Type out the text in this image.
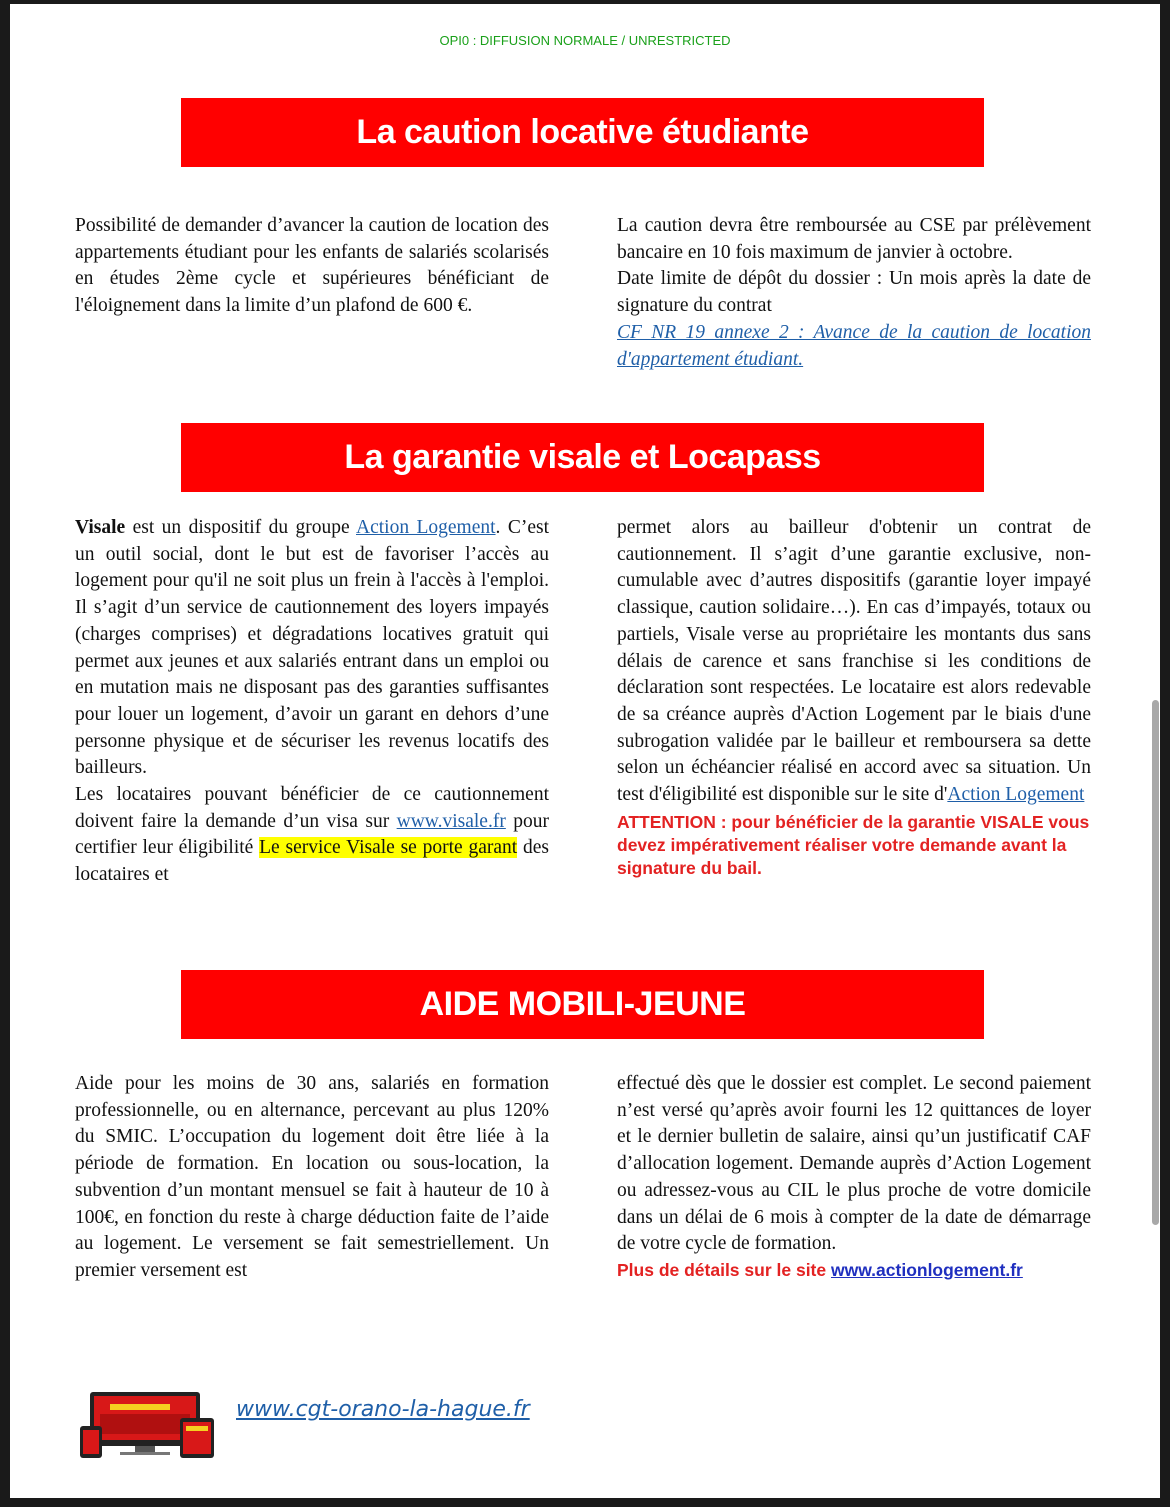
OPI0 : DIFFUSION NORMALE / UNRESTRICTED
La caution locative étudiante

Possibilité de demander d’avancer la caution de location des appartements étudiant pour les enfants de salariés scolarisés en études 2ème cycle et supérieures bénéficiant de l'éloignement dans la limite d’un plafond de 600 €.

La caution devra être remboursée au CSE par prélèvement bancaire en 10 fois maximum de janvier à octobre.

Date limite de dépôt du dossier : Un mois après la date de signature du contrat

CF NR 19 annexe 2 : Avance de la caution de location d'appartement étudiant.

La garantie visale et Locapass

Visale est un dispositif du groupe Action Logement. C’est un outil social, dont le but est de favoriser l’accès au logement pour qu'il ne soit plus un frein à l'accès à l'emploi. Il s’agit d’un service de cautionnement des loyers impayés (charges comprises) et dégradations locatives gratuit qui permet aux jeunes et aux salariés entrant dans un emploi ou en mutation mais ne disposant pas des garanties suffisantes pour louer un logement, d’avoir un garant en dehors d’une personne physique et de sécuriser les revenus locatifs des bailleurs.

Les locataires pouvant bénéficier de ce cautionnement doivent faire la demande d’un visa sur www.visale.fr pour certifier leur éligibilité Le service Visale se porte garant des locataires et

permet alors au bailleur d'obtenir un contrat de cautionnement. Il s’agit d’une garantie exclusive, non-cumulable avec d’autres dispositifs (garantie loyer impayé classique, caution solidaire…). En cas d’impayés, totaux ou partiels, Visale verse au propriétaire les montants dus sans délais de carence et sans franchise si les conditions de déclaration sont respectées. Le locataire est alors redevable de sa créance auprès d'Action Logement par le biais d'une subrogation validée par le bailleur et remboursera sa dette selon un échéancier réalisé en accord avec sa situation. Un test d'éligibilité est disponible sur le site d'Action Logement

ATTENTION : pour bénéficier de la garantie VISALE vous devez impérativement réaliser votre demande avant la signature du bail.
AIDE MOBILI-JEUNE

Aide pour les moins de 30 ans, salariés en formation professionnelle, ou en alternance, percevant au plus 120% du SMIC. L’occupation du logement doit être liée à la période de formation. En location ou sous-location, la subvention d’un montant mensuel se fait à hauteur de 10 à 100€, en fonction du reste à charge déduction faite de l’aide au logement. Le versement se fait semestriellement. Un premier versement est

effectué dès que le dossier est complet. Le second paiement n’est versé qu’après avoir fourni les 12 quittances de loyer et le dernier bulletin de salaire, ainsi qu’un justificatif CAF d’allocation logement. Demande auprès d’Action Logement ou adressez-vous au CIL le plus proche de votre domicile dans un délai de 6 mois à compter de la date de démarrage de votre cycle de formation.

Plus de détails sur le site www.actionlogement.fr
www.cgt-orano-la-hague.fr
